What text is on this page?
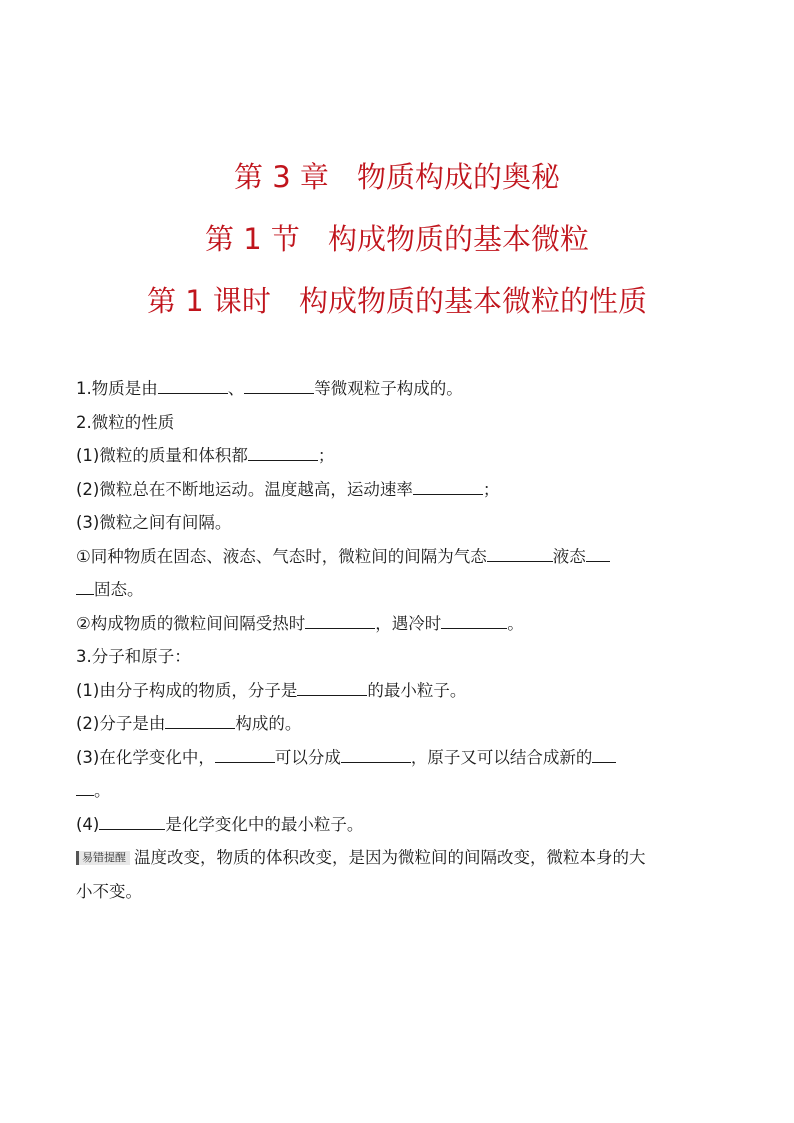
第 3 章 物质构成的奥秘
第 1 节 构成物质的基本微粒
第 1 课时 构成物质的基本微粒的性质
1.物质是由	、	等微观粒子构成的。
2.微粒的性质
(1)微粒的质量和体积都	；
(2)微粒总在不断地运动。温度越高，运动速率	；
(3)微粒之间有间隔。
①同种物质在固态、液态、气态时，微粒间的间隔为气态	液态
固态。
②构成物质的微粒间间隔受热时	，遇冷时	。
3.分子和原子：
(1)由分子构成的物质，分子是	的最小粒子。
(2)分子是由	构成的。
(3)在化学变化中，	可以分成	，原子又可以结合成新的
。
(4)	是化学变化中的最小粒子。
易错提醒 温度改变，物质的体积改变，是因为微粒间的间隔改变，微粒本身的大
小不变。
